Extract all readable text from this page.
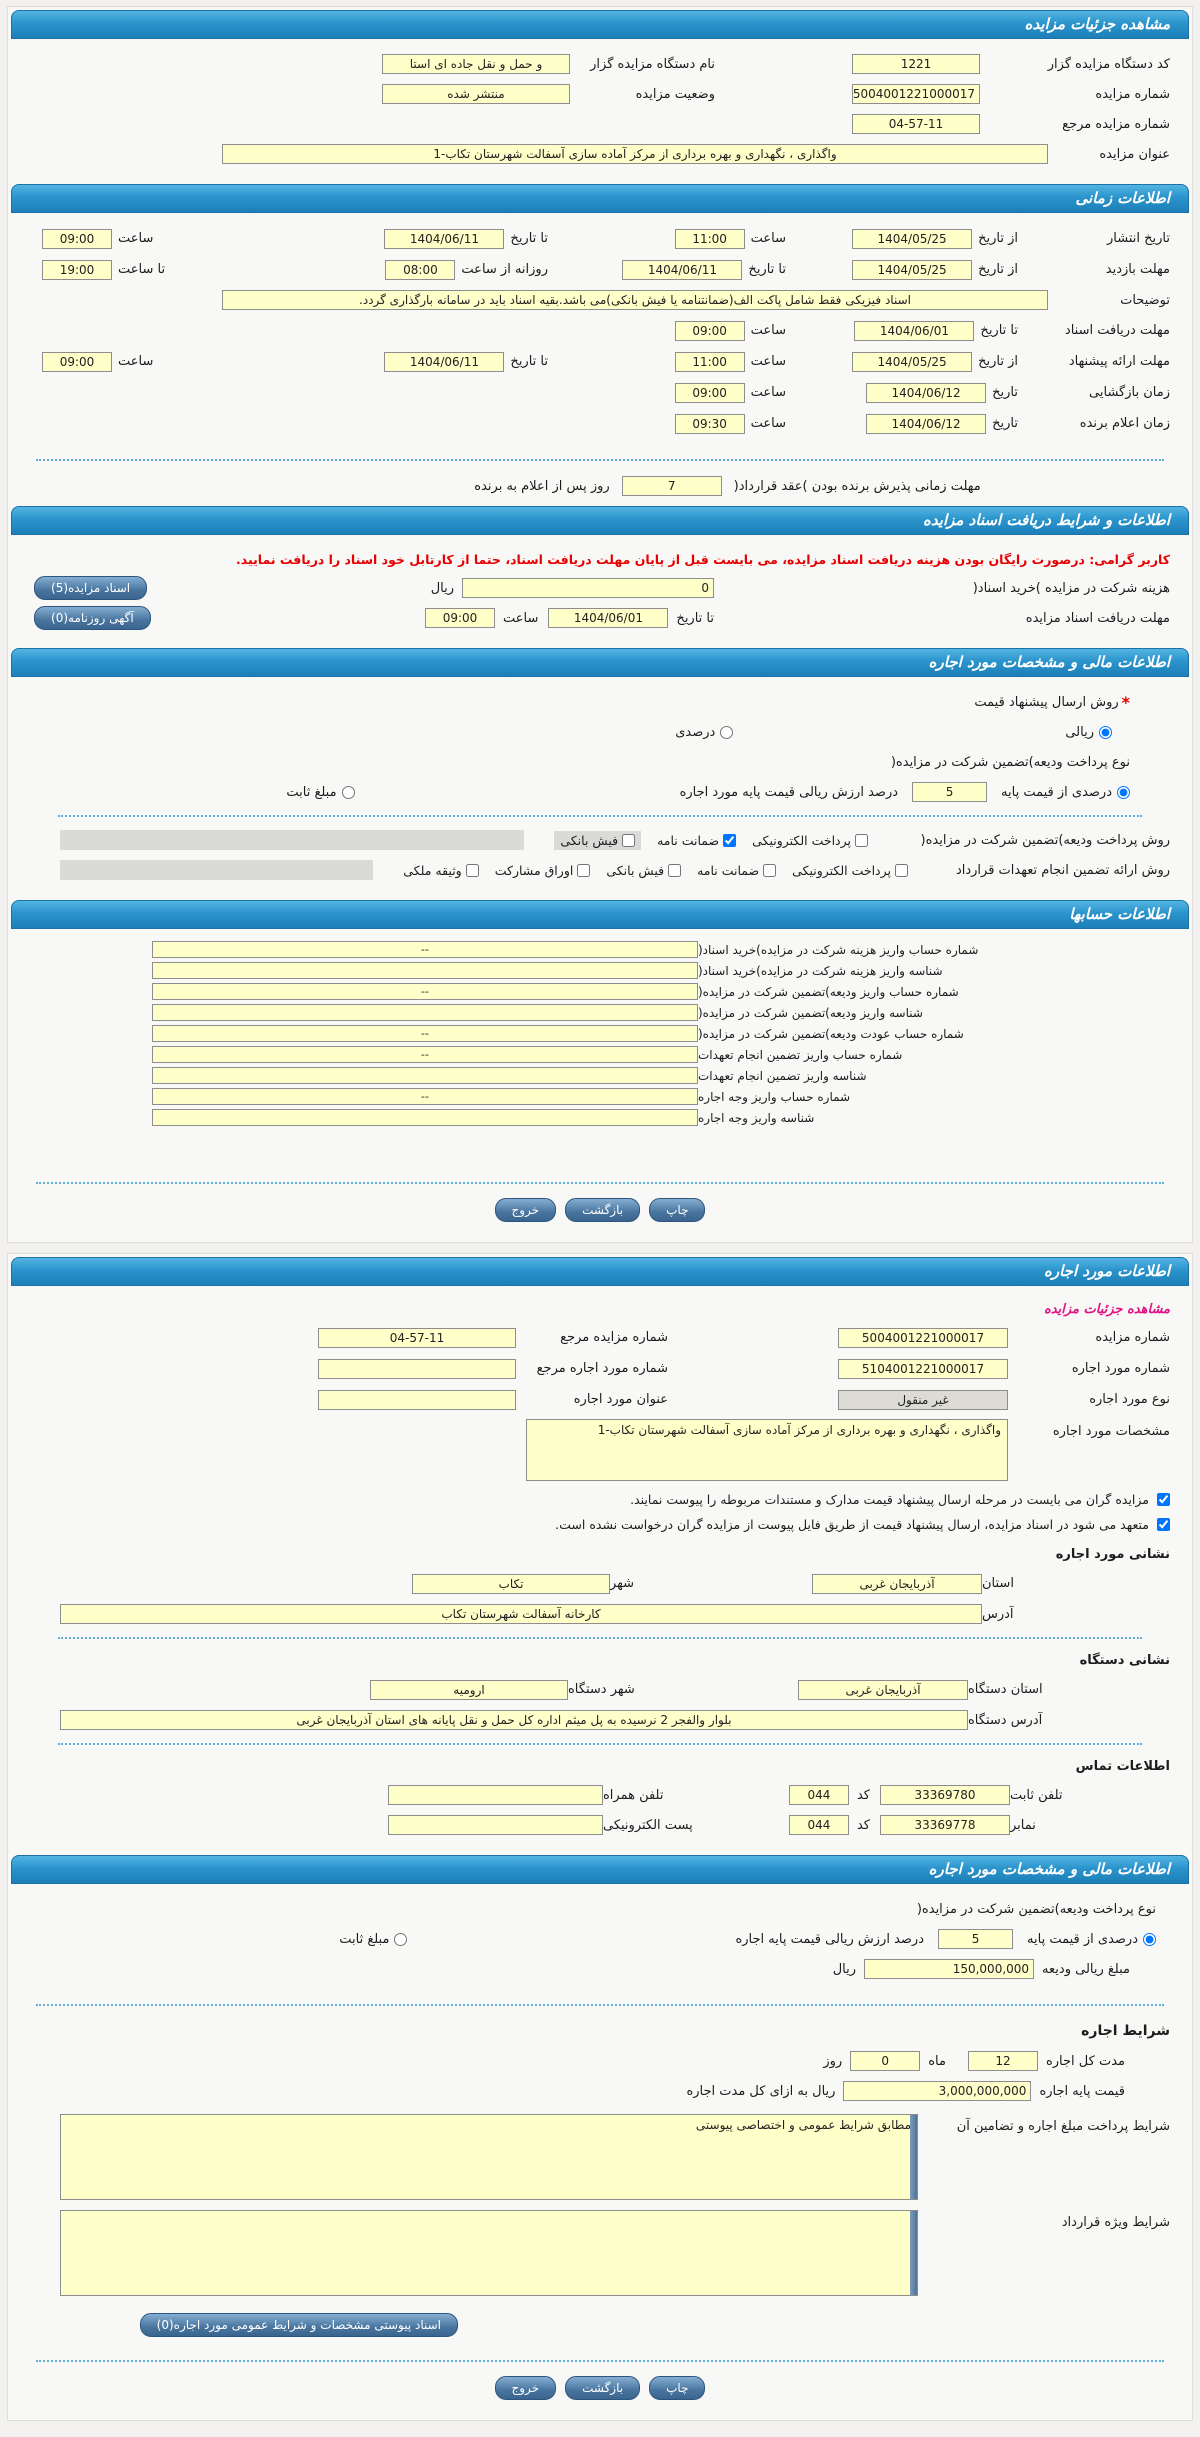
مشاهده جزئیات مزایده
کد دستگاه مزایده گزار
1221
نام دستگاه مزایده گزار
و حمل و نقل جاده ای استا
شماره مزایده
5004001221000017
وضعیت مزایده
منتشر شده
شماره مزایده مرجع
04-57-11
عنوان مزایده
واگذاری ، نگهداری و بهره برداری از مرکز آماده سازی آسفالت شهرستان تکاب-1
اطلاعات زمانی
تاریخ انتشار
از تاریخ
1404/05/25
ساعت
11:00
تا تاریخ
1404/06/11
ساعت
09:00
مهلت بازدید
از تاریخ
1404/05/25
تا تاریخ
1404/06/11
روزانه از ساعت
08:00
تا ساعت
19:00
توضیحات
اسناد فیزیکی فقط شامل پاکت الف(ضمانتنامه یا فیش بانکی)می باشد.بقیه اسناد باید در سامانه بارگذاری گردد.
مهلت دریافت اسناد
تا تاریخ
1404/06/01
ساعت
09:00
مهلت ارائه پیشنهاد
از تاریخ
1404/05/25
ساعت
11:00
تا تاریخ
1404/06/11
ساعت
09:00
زمان بازگشایی
تاریخ
1404/06/12
ساعت
09:00
زمان اعلام برنده
تاریخ
1404/06/12
ساعت
09:30
مهلت زمانی پذیرش برنده بودن )عقد قرارداد(
7
روز پس از اعلام به برنده
اطلاعات و شرایط دریافت اسناد مزایده
کاربر گرامی: درصورت رایگان بودن هزینه دریافت اسناد مزایده، می بایست قبل از پایان مهلت دریافت اسناد، حتما از کارتابل خود اسناد را دریافت نمایید.
هزینه شرکت در مزایده )خرید اسناد(
0
ریال
اسناد مزایده(5)
مهلت دریافت اسناد مزایده
تا تاریخ
1404/06/01
ساعت
09:00
آگهی روزنامه(0)
اطلاعات مالی و مشخصات مورد اجاره
*
روش ارسال پیشنهاد قیمت
ریالی
درصدی
نوع پرداخت ودیعه)تضمین شرکت در مزایده(
درصدی از قیمت پایه
5
درصد ارزش ریالی قیمت پایه مورد اجاره
مبلغ ثابت
روش پرداخت ودیعه)تضمین شرکت در مزایده(
پرداخت الکترونیکی
ضمانت نامه
فیش بانکی
روش ارائه تضمین انجام تعهدات قرارداد
پرداخت الکترونیکی
ضمانت نامه
فیش بانکی
اوراق مشارکت
وثیقه ملکی
اطلاعات حسابها
شماره حساب واریز هزینه شرکت در مزایده)خرید اسناد(
--
شناسه واریز هزینه شرکت در مزایده)خرید اسناد(
شماره حساب واریز ودیعه)تضمین شرکت در مزایده(
--
شناسه واریز ودیعه)تضمین شرکت در مزایده(
شماره حساب عودت ودیعه)تضمین شرکت در مزایده(
--
شماره حساب واریز تضمین انجام تعهدات
--
شناسه واریز تضمین انجام تعهدات
شماره حساب واریز وجه اجاره
--
شناسه واریز وجه اجاره
چاپ
بازگشت
خروج
اطلاعات مورد اجاره
مشاهده جزئیات مزایده
شماره مزایده
5004001221000017
شماره مزایده مرجع
04-57-11
شماره مورد اجاره
5104001221000017
شماره مورد اجاره مرجع
نوع مورد اجاره
غیر منقول
عنوان مورد اجاره
مشخصات مورد اجاره
واگذاری ، نگهداری و بهره برداری از مرکز آماده سازی آسفالت شهرستان تکاب-1
مزایده گران می بایست در مرحله ارسال پیشنهاد قیمت مدارک و مستندات مربوطه را پیوست نمایند.
متعهد می شود در اسناد مزایده، ارسال پیشنهاد قیمت از طریق فایل پیوست از مزایده گران درخواست نشده است.
نشانی مورد اجاره
استان
آذربایجان غربی
شهر
تکاب
آدرس
کارخانه آسفالت شهرستان تکاب
نشانی دستگاه
استان دستگاه
آذربایجان غربی
شهر دستگاه
ارومیه
آدرس دستگاه
بلوار والفجر 2 نرسیده به پل میثم اداره کل حمل و نقل پایانه های استان آذربایجان غربی
اطلاعات تماس
تلفن ثابت
33369780
کد
044
تلفن همراه
نمابر
33369778
کد
044
پست الکترونیکی
اطلاعات مالی و مشخصات مورد اجاره
نوع پرداخت ودیعه)تضمین شرکت در مزایده(
درصدی از قیمت پایه
5
درصد ارزش ریالی قیمت پایه اجاره
مبلغ ثابت
مبلغ ریالی ودیعه
150,000,000
ریال
شرایط اجاره
مدت کل اجاره
12
ماه
0
روز
قیمت پایه اجاره
3,000,000,000
ریال به ازای کل مدت اجاره
شرایط پرداخت مبلغ اجاره و تضامین آن
مطابق شرایط عمومی و اختصاصی پیوستی
شرایط ویژه قرارداد
اسناد پیوستی مشخصات و شرایط عمومی مورد اجاره(0)
چاپ
بازگشت
خروج
